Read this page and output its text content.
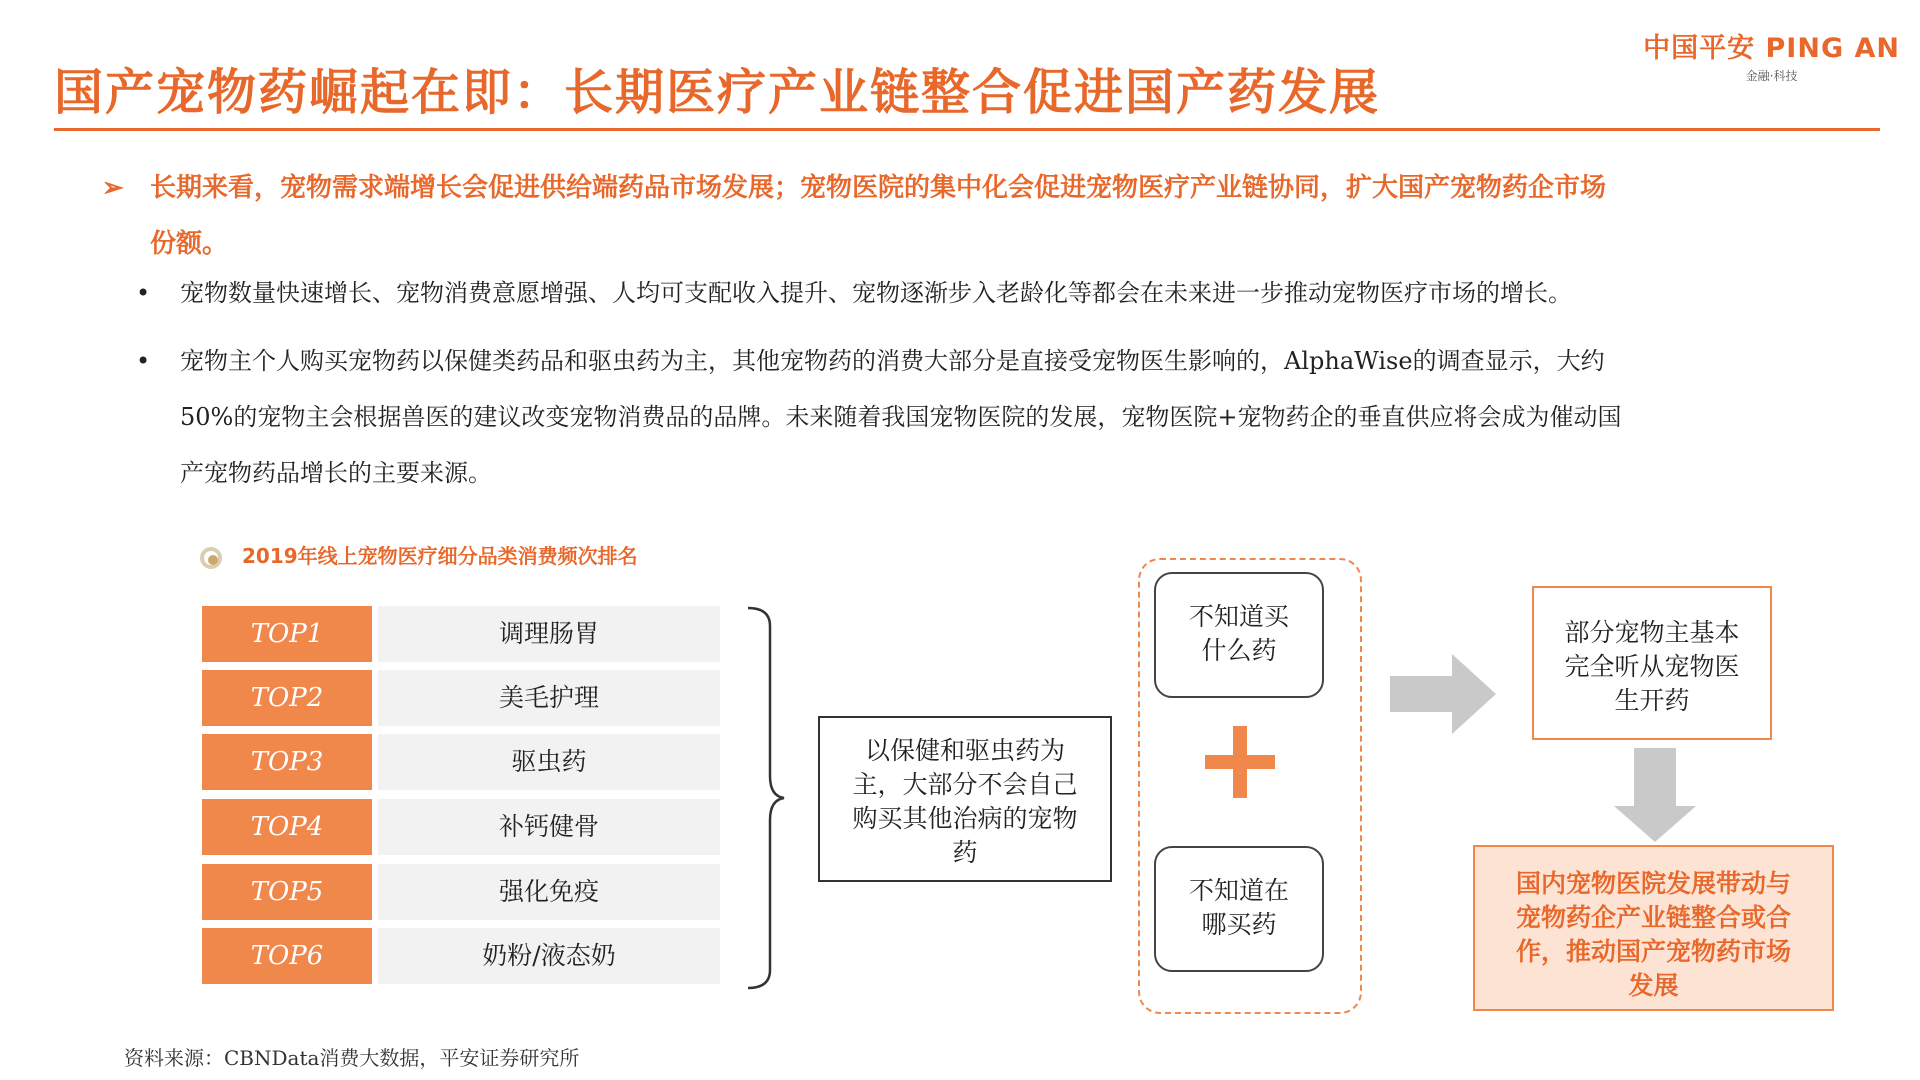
国产宠物药崛起在即：长期医疗产业链整合促进国产药发展
中国平安 PING AN
金融·科技
➢ 长期来看，宠物需求端增长会促进供给端药品市场发展；宠物医院的集中化会促进宠物医疗产业链协同，扩大国产宠物药企市场
份额。
•	宠物数量快速增长、宠物消费意愿增强、人均可支配收入提升、宠物逐渐步入老龄化等都会在未来进一步推动宠物医疗市场的增长。
•	宠物主个人购买宠物药以保健类药品和驱虫药为主，其他宠物药的消费大部分是直接受宠物医生影响的，AlphaWise的调查显示，大约
50%的宠物主会根据兽医的建议改变宠物消费品的品牌。未来随着我国宠物医院的发展，宠物医院+宠物药企的垂直供应将会成为催动国
产宠物药品增长的主要来源。
2019年线上宠物医疗细分品类消费频次排名
TOP1	调理肠胃
TOP2	美毛护理
TOP3	驱虫药
TOP4	补钙健骨
TOP5	强化免疫
TOP6	奶粉/液态奶
以保健和驱虫药为
主，大部分不会自己
购买其他治病的宠物
药
不知道买
什么药
不知道在
哪买药
部分宠物主基本
完全听从宠物医
生开药
国内宠物医院发展带动与
宠物药企产业链整合或合
作，推动国产宠物药市场
发展
资料来源：CBNData消费大数据，平安证券研究所
